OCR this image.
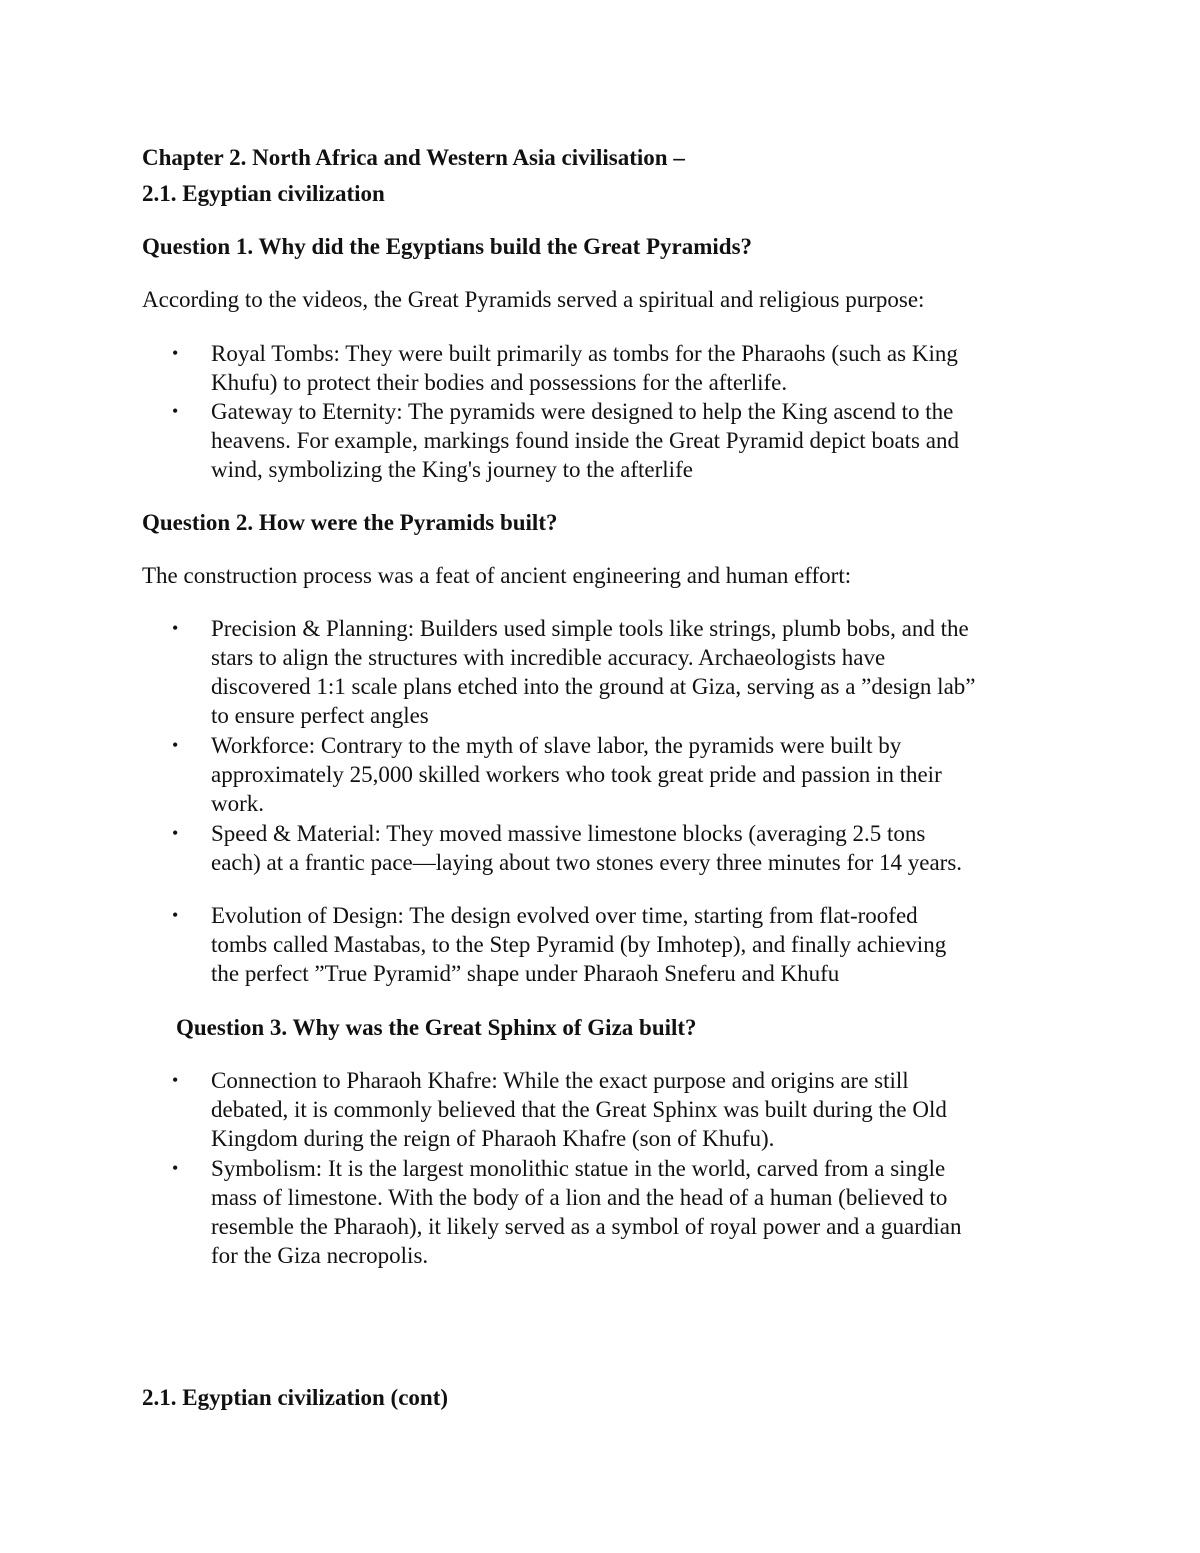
Chapter 2. North Africa and Western Asia civilisation –

2.1. Egyptian civilization

Question 1. Why did the Egyptians build the Great Pyramids?

According to the videos, the Great Pyramids served a spiritual and religious purpose:

• Royal Tombs: They were built primarily as tombs for the Pharaohs (such as King

Khufu) to protect their bodies and possessions for the afterlife.

• Gateway to Eternity: The pyramids were designed to help the King ascend to the

heavens. For example, markings found inside the Great Pyramid depict boats and

wind, symbolizing the King's journey to the afterlife

Question 2. How were the Pyramids built?

The construction process was a feat of ancient engineering and human effort:

• Precision & Planning: Builders used simple tools like strings, plumb bobs, and the

stars to align the structures with incredible accuracy. Archaeologists have

discovered 1:1 scale plans etched into the ground at Giza, serving as a ”design lab”

to ensure perfect angles

• Workforce: Contrary to the myth of slave labor, the pyramids were built by

approximately 25,000 skilled workers who took great pride and passion in their

work.

• Speed & Material: They moved massive limestone blocks (averaging 2.5 tons

each) at a frantic pace—laying about two stones every three minutes for 14 years.

• Evolution of Design: The design evolved over time, starting from flat-roofed

tombs called Mastabas, to the Step Pyramid (by Imhotep), and finally achieving

the perfect ”True Pyramid” shape under Pharaoh Sneferu and Khufu

Question 3. Why was the Great Sphinx of Giza built?

• Connection to Pharaoh Khafre: While the exact purpose and origins are still

debated, it is commonly believed that the Great Sphinx was built during the Old

Kingdom during the reign of Pharaoh Khafre (son of Khufu).

• Symbolism: It is the largest monolithic statue in the world, carved from a single

mass of limestone. With the body of a lion and the head of a human (believed to

resemble the Pharaoh), it likely served as a symbol of royal power and a guardian

for the Giza necropolis.

2.1. Egyptian civilization (cont)
